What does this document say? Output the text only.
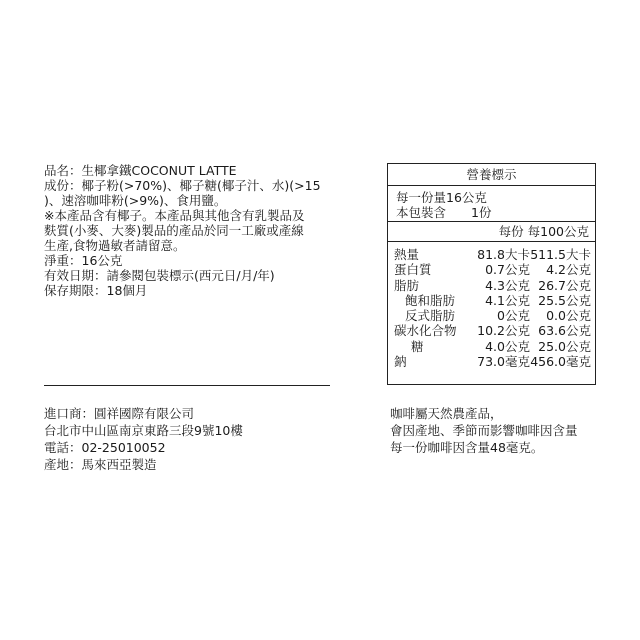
品名：生椰拿鐵COCONUT LATTE
成份：椰子粉(>70%)、椰子糖(椰子汁、水)(>15
)、速溶咖啡粉(>9%)、食用鹽。
※本產品含有椰子。本產品與其他含有乳製品及
麩質(小麥、大麥)製品的產品於同一工廠或產線
生產,食物過敏者請留意。
淨重：16公克
有效日期：請參閱包裝標示(西元日/月/年)
保存期限：18個月
營養標示
每一份量16公克
本包裝含　　1份
每份 每100公克
熱量	81.8大卡 511.5大卡
蛋白質	0.7公克	4.2公克
脂肪	4.3公克 26.7公克
飽和脂肪	4.1公克 25.5公克
反式脂肪	0公克	0.0公克
碳水化合物	10.2公克 63.6公克
糖	4.0公克 25.0公克
鈉	73.0毫克 456.0毫克
進口商：圓祥國際有限公司
台北市中山區南京東路三段9號10樓
電話：02-25010052
產地：馬來西亞製造
咖啡屬天然農產品，
會因產地、季節而影響咖啡因含量
每一份咖啡因含量48毫克。
